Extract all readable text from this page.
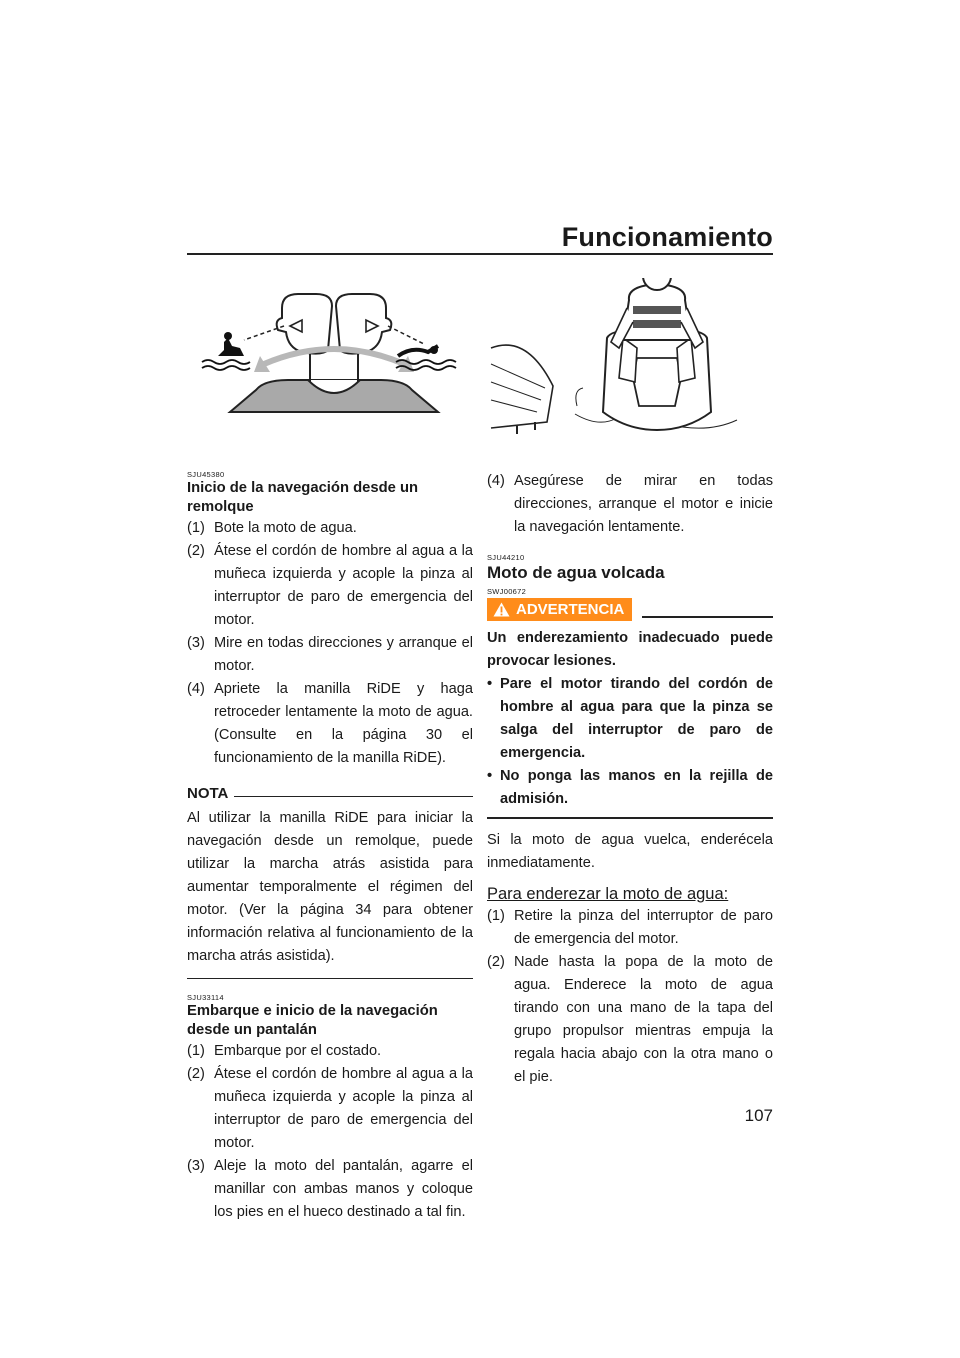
Funcionamiento
SJU45380
Inicio de la navegación desde un remolque
(1) Bote la moto de agua.
(2) Átese el cordón de hombre al agua a la muñeca izquierda y acople la pinza al interruptor de paro de emergencia del motor.
(3) Mire en todas direcciones y arranque el motor.
(4) Apriete la manilla RiDE y haga retroceder lentamente la moto de agua. (Consulte en la página 30 el funcionamiento de la manilla RiDE).
NOTA
Al utilizar la manilla RiDE para iniciar la navegación desde un remolque, puede utilizar la marcha atrás asistida para aumentar temporalmente el régimen del motor. (Ver la página 34 para obtener información relativa al funcionamiento de la marcha atrás asistida).
SJU33114
Embarque e inicio de la navegación desde un pantalán
(1) Embarque por el costado.
(2) Átese el cordón de hombre al agua a la muñeca izquierda y acople la pinza al interruptor de paro de emergencia del motor.
(3) Aleje la moto del pantalán, agarre el manillar con ambas manos y coloque los pies en el hueco destinado a tal fin.
(4) Asegúrese de mirar en todas direcciones, arranque el motor e inicie la navegación lentamente.
SJU44210
Moto de agua volcada
SWJ00672
ADVERTENCIA
Un enderezamiento inadecuado puede provocar lesiones.
• Pare el motor tirando del cordón de hombre al agua para que la pinza se salga del interruptor de paro de emergencia.
• No ponga las manos en la rejilla de admisión.
Si la moto de agua vuelca, enderécela inmediatamente.
Para enderezar la moto de agua:
(1) Retire la pinza del interruptor de paro de emergencia del motor.
(2) Nade hasta la popa de la moto de agua. Enderece la moto de agua tirando con una mano de la tapa del grupo propulsor mientras empuja la regala hacia abajo con la otra mano o el pie.
107
